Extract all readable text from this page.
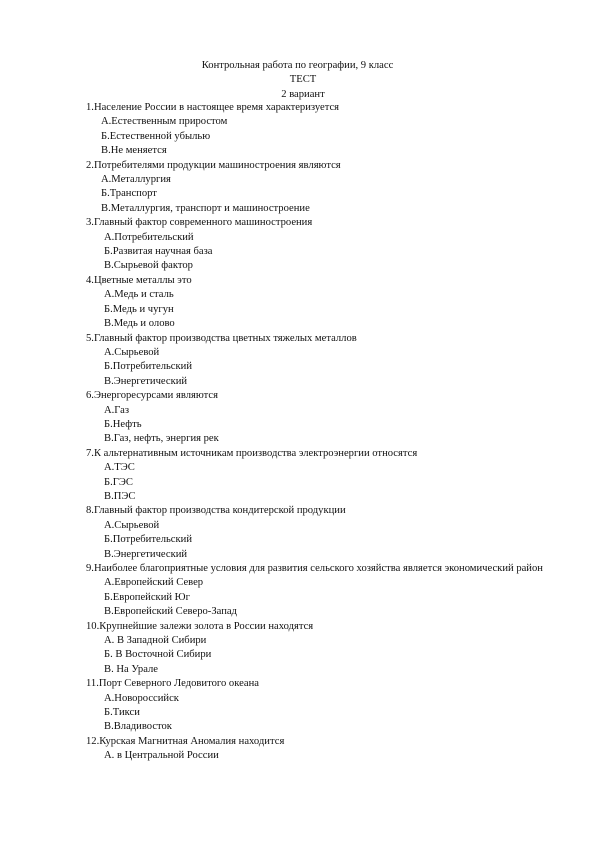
Контрольная работа по географии, 9 класс
ТЕСТ
2 вариант
1.Население России в настоящее время характеризуется
А.Естественным приростом
Б.Естественной убылью
В.Не меняется
2.Потребителями продукции машиностроения являются
А.Металлургия
Б.Транспорт
В.Металлургия, транспорт и машиностроение
3.Главный фактор современного машиностроения
А.Потребительский
Б.Развитая научная база
В.Сырьевой фактор
4.Цветные металлы это
А.Медь и сталь
Б.Медь и чугун
В.Медь и олово
5.Главный фактор производства цветных тяжелых металлов
А.Сырьевой
Б.Потребительский
В.Энергетический
6.Энергоресурсами являются
А.Газ
Б.Нефть
В.Газ, нефть, энергия рек
7.К альтернативным источникам производства электроэнергии относятся
А.ТЭС
Б.ГЭС
В.ПЭС
8.Главный фактор производства кондитерской продукции
А.Сырьевой
Б.Потребительский
В.Энергетический
9.Наиболее благоприятные условия для развития сельского хозяйства является экономический район
А.Европейский Север
Б.Европейский Юг
В.Европейский Северо-Запад
10.Крупнейшие залежи золота в России находятся
А. В Западной Сибири
Б. В Восточной Сибири
В. На Урале
11.Порт Северного Ледовитого океана
А.Новороссийск
Б.Тикси
В.Владивосток
12.Курская Магнитная Аномалия находится
А. в Центральной России
